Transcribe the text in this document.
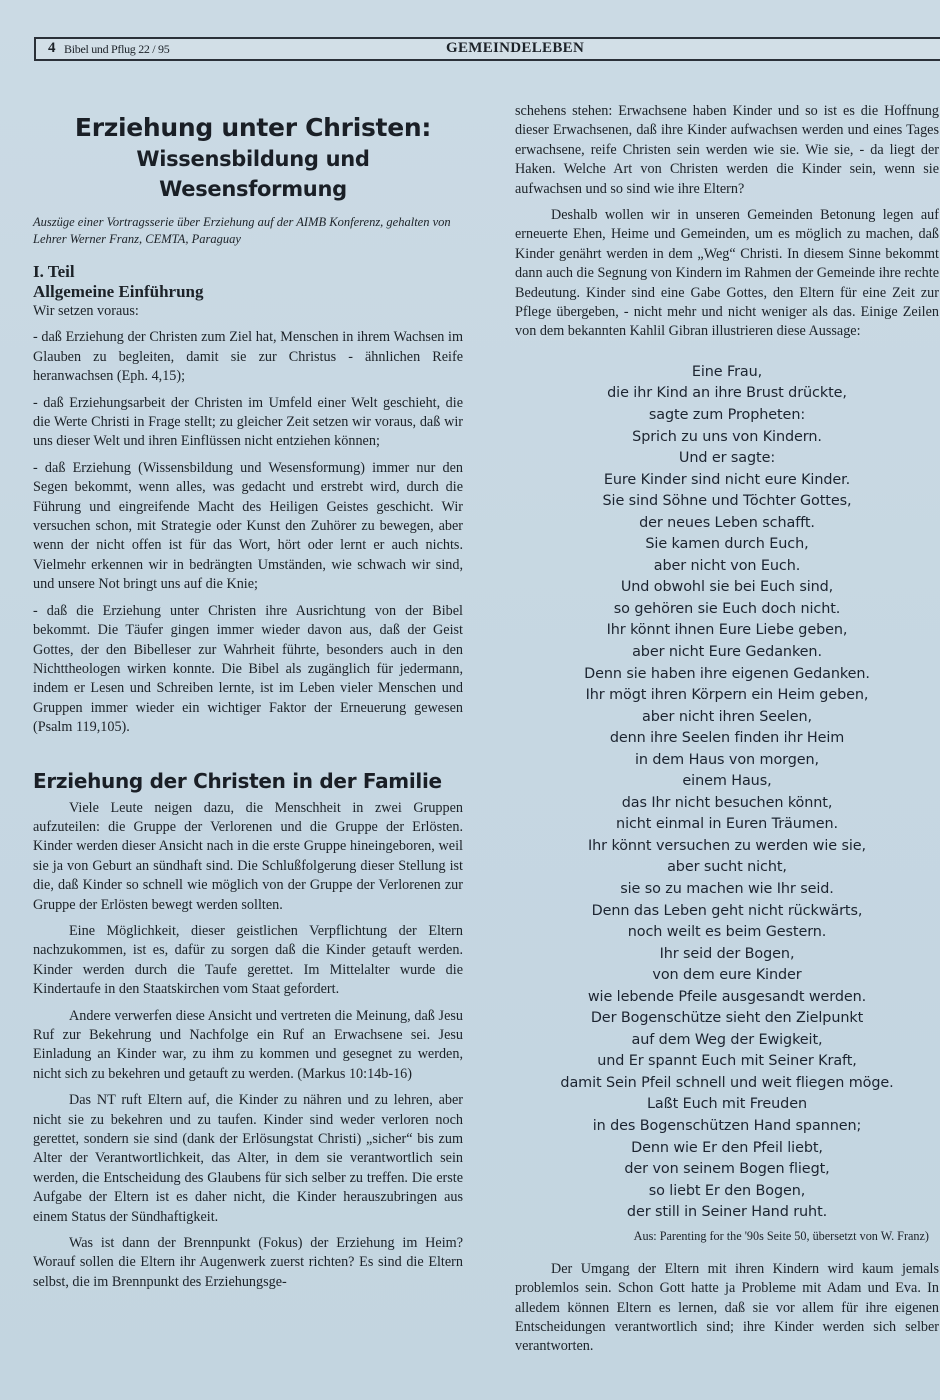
4 Bibel und Pflug 22 / 95	GEMEINDELEBEN
Erziehung unter Christen:
Wissensbildung und Wesensformung

Auszüge einer Vortragsserie über Erziehung auf der AIMB Konferenz, gehalten von Lehrer Werner Franz, CEMTA, Paraguay

I. Teil
Allgemeine Einführung

Wir setzen voraus:

- daß Erziehung der Christen zum Ziel hat, Menschen in ihrem Wachsen im Glauben zu begleiten, damit sie zur Christus - ähnlichen Reife heranwachsen (Eph. 4,15);

- daß Erziehungsarbeit der Christen im Umfeld einer Welt geschieht, die die Werte Christi in Frage stellt; zu gleicher Zeit setzen wir voraus, daß wir uns dieser Welt und ihren Einflüssen nicht entziehen können;

- daß Erziehung (Wissensbildung und Wesensformung) immer nur den Segen bekommt, wenn alles, was gedacht und erstrebt wird, durch die Führung und eingreifende Macht des Heiligen Geistes geschicht. Wir versuchen schon, mit Strategie oder Kunst den Zuhörer zu bewegen, aber wenn der nicht offen ist für das Wort, hört oder lernt er auch nichts. Vielmehr erkennen wir in bedrängten Umständen, wie schwach wir sind, und unsere Not bringt uns auf die Knie;

- daß die Erziehung unter Christen ihre Ausrichtung von der Bibel bekommt. Die Täufer gingen immer wieder davon aus, daß der Geist Gottes, der den Bibelleser zur Wahrheit führte, besonders auch in den Nichttheologen wirken konnte. Die Bibel als zugänglich für jedermann, indem er Lesen und Schreiben lernte, ist im Leben vieler Menschen und Gruppen immer wieder ein wichtiger Faktor der Erneuerung gewesen (Psalm 119,105).

Erziehung der Christen in der Familie

Viele Leute neigen dazu, die Menschheit in zwei Gruppen aufzuteilen: die Gruppe der Verlorenen und die Gruppe der Erlösten. Kinder werden dieser Ansicht nach in die erste Gruppe hineingeboren, weil sie ja von Geburt an sündhaft sind. Die Schlußfolgerung dieser Stellung ist die, daß Kinder so schnell wie möglich von der Gruppe der Verlorenen zur Gruppe der Erlösten bewegt werden sollten.

Eine Möglichkeit, dieser geistlichen Verpflichtung der Eltern nachzukommen, ist es, dafür zu sorgen daß die Kinder getauft werden. Kinder werden durch die Taufe gerettet. Im Mittelalter wurde die Kindertaufe in den Staatskirchen vom Staat gefordert.

Andere verwerfen diese Ansicht und vertreten die Meinung, daß Jesu Ruf zur Bekehrung und Nachfolge ein Ruf an Erwachsene sei. Jesu Einladung an Kinder war, zu ihm zu kommen und gesegnet zu werden, nicht sich zu bekehren und getauft zu werden. (Markus 10:14b-16)

Das NT ruft Eltern auf, die Kinder zu nähren und zu lehren, aber nicht sie zu bekehren und zu taufen. Kinder sind weder verloren noch gerettet, sondern sie sind (dank der Erlösungstat Christi) „sicher“ bis zum Alter der Verantwortlichkeit, das Alter, in dem sie verantwortlich sein werden, die Entscheidung des Glaubens für sich selber zu treffen. Die erste Aufgabe der Eltern ist es daher nicht, die Kinder herauszubringen aus einem Status der Sündhaftigkeit.

Was ist dann der Brennpunkt (Fokus) der Erziehung im Heim? Worauf sollen die Eltern ihr Augenwerk zuerst richten? Es sind die Eltern selbst, die im Brennpunkt des Erziehungsge-

schehens stehen: Erwachsene haben Kinder und so ist es die Hoffnung dieser Erwachsenen, daß ihre Kinder aufwachsen werden und eines Tages erwachsene, reife Christen sein werden wie sie. Wie sie, - da liegt der Haken. Welche Art von Christen werden die Kinder sein, wenn sie aufwachsen und so sind wie ihre Eltern?

Deshalb wollen wir in unseren Gemeinden Betonung legen auf erneuerte Ehen, Heime und Gemeinden, um es möglich zu machen, daß Kinder genährt werden in dem „Weg“ Christi. In diesem Sinne bekommt dann auch die Segnung von Kindern im Rahmen der Gemeinde ihre rechte Bedeutung. Kinder sind eine Gabe Gottes, den Eltern für eine Zeit zur Pflege übergeben, - nicht mehr und nicht weniger als das. Einige Zeilen von dem bekannten Kahlil Gibran illustrieren diese Aussage:

Eine Frau,
die ihr Kind an ihre Brust drückte,
sagte zum Propheten:
Sprich zu uns von Kindern.
Und er sagte:
Eure Kinder sind nicht eure Kinder.
Sie sind Söhne und Töchter Gottes,
der neues Leben schafft.
Sie kamen durch Euch,
aber nicht von Euch.
Und obwohl sie bei Euch sind,
so gehören sie Euch doch nicht.
Ihr könnt ihnen Eure Liebe geben,
aber nicht Eure Gedanken.
Denn sie haben ihre eigenen Gedanken.
Ihr mögt ihren Körpern ein Heim geben,
aber nicht ihren Seelen,
denn ihre Seelen finden ihr Heim
in dem Haus von morgen,
einem Haus,
das Ihr nicht besuchen könnt,
nicht einmal in Euren Träumen.
Ihr könnt versuchen zu werden wie sie,
aber sucht nicht,
sie so zu machen wie Ihr seid.
Denn das Leben geht nicht rückwärts,
noch weilt es beim Gestern.
Ihr seid der Bogen,
von dem eure Kinder
wie lebende Pfeile ausgesandt werden.
Der Bogenschütze sieht den Zielpunkt
auf dem Weg der Ewigkeit,
und Er spannt Euch mit Seiner Kraft,
damit Sein Pfeil schnell und weit fliegen möge.
Laßt Euch mit Freuden
in des Bogenschützen Hand spannen;
Denn wie Er den Pfeil liebt,
der von seinem Bogen fliegt,
so liebt Er den Bogen,
der still in Seiner Hand ruht.
Aus: Parenting for the '90s Seite 50, übersetzt von W. Franz)

Der Umgang der Eltern mit ihren Kindern wird kaum jemals problemlos sein. Schon Gott hatte ja Probleme mit Adam und Eva. In alledem können Eltern es lernen, daß sie vor allem für ihre eigenen Entscheidungen verantwortlich sind; ihre Kinder werden sich selber verantworten.
